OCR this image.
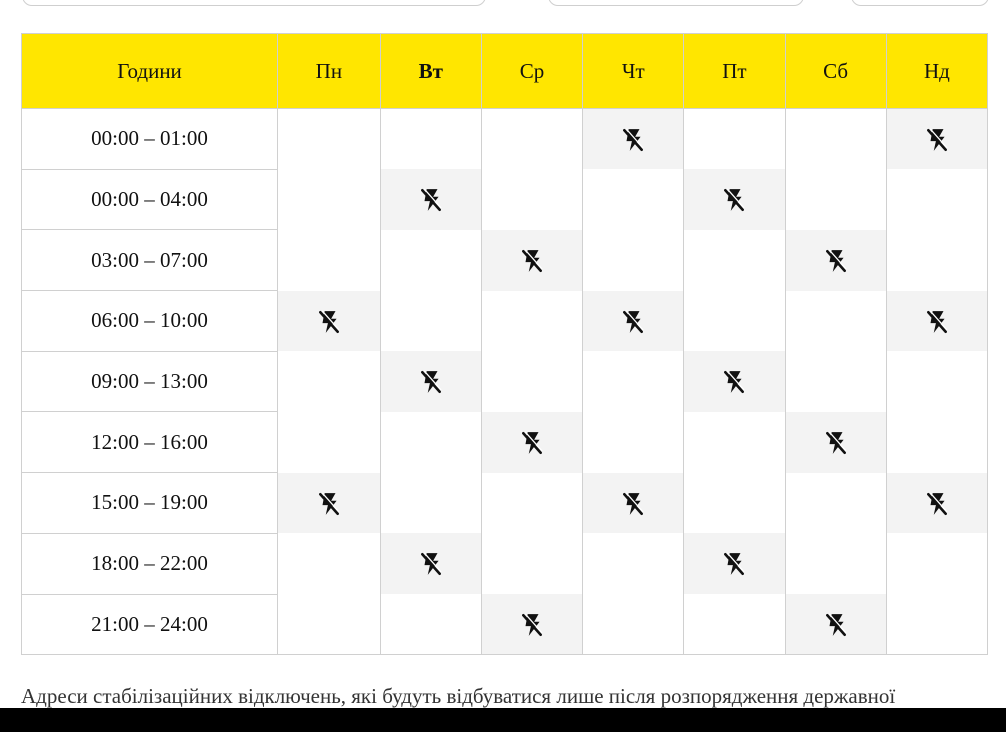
Години	Пн	Вт	Ср	Чт	Пт	Сб	Нд
00:00 – 01:00							
00:00 – 04:00							
03:00 – 07:00							
06:00 – 10:00							
09:00 – 13:00							
12:00 – 16:00							
15:00 – 19:00							
18:00 – 22:00							
21:00 – 24:00							
Адреси стабілізаційних відключень, які будуть відбуватися лише після розпорядження державної
